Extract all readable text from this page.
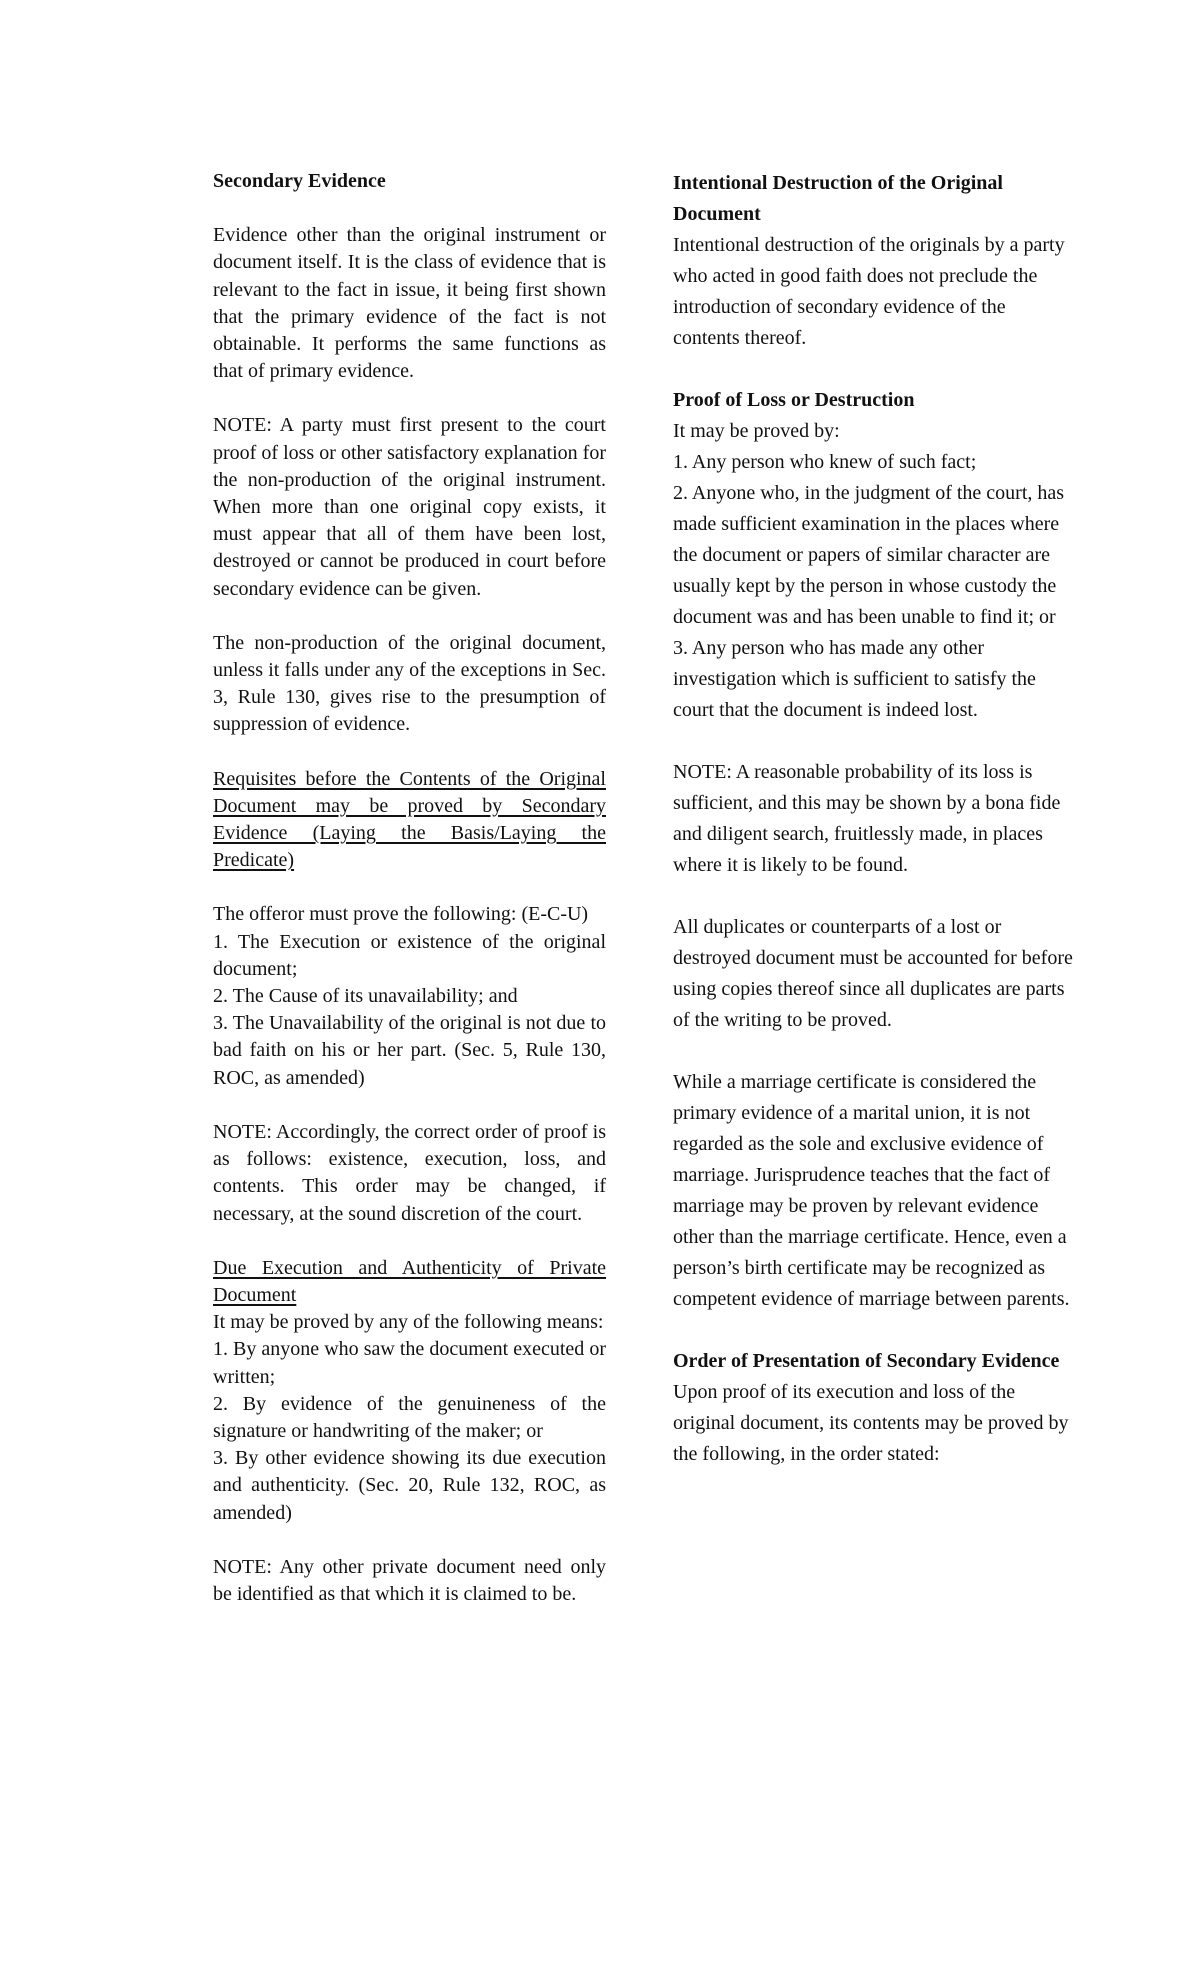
Secondary Evidence

Evidence other than the original instrument or document itself. It is the class of evidence that is relevant to the fact in issue, it being first shown that the primary evidence of the fact is not obtainable. It performs the same functions as that of primary evidence.

NOTE: A party must first present to the court proof of loss or other satisfactory explanation for the non-production of the original instrument. When more than one original copy exists, it must appear that all of them have been lost, destroyed or cannot be produced in court before secondary evidence can be given.

The non-production of the original document, unless it falls under any of the exceptions in Sec. 3, Rule 130, gives rise to the presumption of suppression of evidence.

Requisites before the Contents of the Original Document may be proved by Secondary Evidence (Laying the Basis/Laying the Predicate)

The offeror must prove the following: (E-C-U)
1. The Execution or existence of the original document;
2. The Cause of its unavailability; and
3. The Unavailability of the original is not due to bad faith on his or her part. (Sec. 5, Rule 130, ROC, as amended)

NOTE: Accordingly, the correct order of proof is as follows: existence, execution, loss, and contents. This order may be changed, if necessary, at the sound discretion of the court.

Due Execution and Authenticity of Private Document
It may be proved by any of the following means:
1. By anyone who saw the document executed or written;
2. By evidence of the genuineness of the signature or handwriting of the maker; or
3. By other evidence showing its due execution and authenticity. (Sec. 20, Rule 132, ROC, as amended)

NOTE: Any other private document need only be identified as that which it is claimed to be.

Intentional Destruction of the Original Document
Intentional destruction of the originals by a party who acted in good faith does not preclude the introduction of secondary evidence of the contents thereof.

Proof of Loss or Destruction
It may be proved by:
1. Any person who knew of such fact;
2. Anyone who, in the judgment of the court, has made sufficient examination in the places where the document or papers of similar character are usually kept by the person in whose custody the document was and has been unable to find it; or
3. Any person who has made any other investigation which is sufficient to satisfy the court that the document is indeed lost.

NOTE: A reasonable probability of its loss is sufficient, and this may be shown by a bona fide and diligent search, fruitlessly made, in places where it is likely to be found.

All duplicates or counterparts of a lost or destroyed document must be accounted for before using copies thereof since all duplicates are parts of the writing to be proved.

While a marriage certificate is considered the primary evidence of a marital union, it is not regarded as the sole and exclusive evidence of marriage. Jurisprudence teaches that the fact of marriage may be proven by relevant evidence other than the marriage certificate. Hence, even a person’s birth certificate may be recognized as competent evidence of marriage between parents.

Order of Presentation of Secondary Evidence
Upon proof of its execution and loss of the original document, its contents may be proved by the following, in the order stated:
